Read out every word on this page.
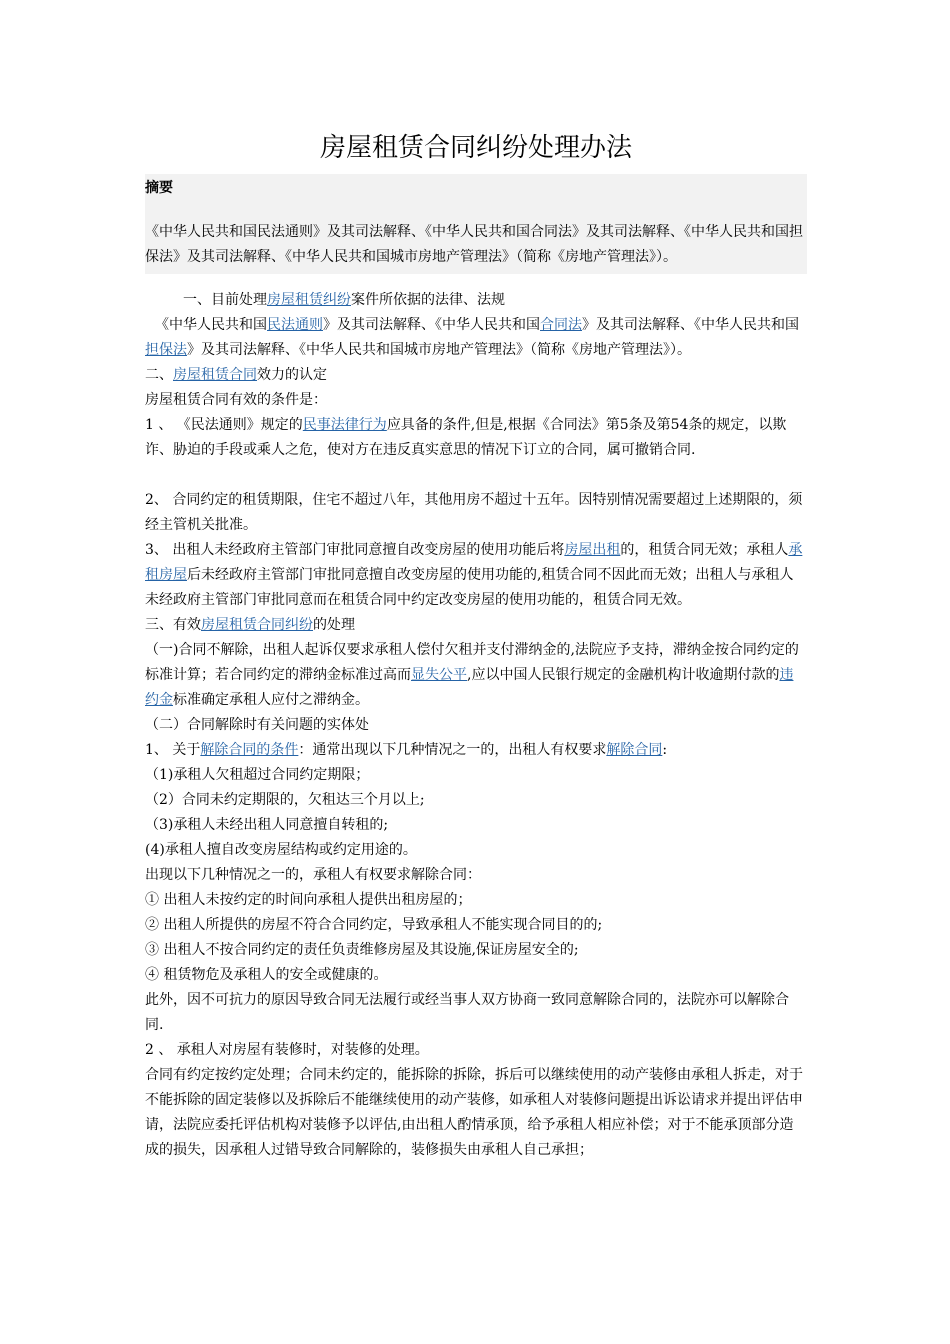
房屋租赁合同纠纷处理办法
摘要
《中华人民共和国民法通则》及其司法解释、《中华人民共和国合同法》及其司法解释、《中华人民共和国担保法》及其司法解释、《中华人民共和国城市房地产管理法》（简称《房地产管理法》）。

一、目前处理房屋租赁纠纷案件所依据的法律、法规

《中华人民共和国民法通则》及其司法解释、《中华人民共和国合同法》及其司法解释、《中华人民共和国担保法》及其司法解释、《中华人民共和国城市房地产管理法》（简称《房地产管理法》）。

二、房屋租赁合同效力的认定

房屋租赁合同有效的条件是：

1 、 《民法通则》规定的民事法律行为应具备的条件,但是,根据《合同法》第5条及第54条的规定，以欺诈、胁迫的手段或乘人之危，使对方在违反真实意思的情况下订立的合同，属可撤销合同.

2、 合同约定的租赁期限，住宅不超过八年，其他用房不超过十五年。因特别情况需要超过上述期限的，须经主管机关批准。

3、 出租人未经政府主管部门审批同意擅自改变房屋的使用功能后将房屋出租的，租赁合同无效；承租人承租房屋后未经政府主管部门审批同意擅自改变房屋的使用功能的,租赁合同不因此而无效；出租人与承租人未经政府主管部门审批同意而在租赁合同中约定改变房屋的使用功能的，租赁合同无效。

三、有效房屋租赁合同纠纷的处理

（一)合同不解除，出租人起诉仅要求承租人偿付欠租并支付滞纳金的,法院应予支持，滞纳金按合同约定的标准计算；若合同约定的滞纳金标准过高而显失公平,应以中国人民银行规定的金融机构计收逾期付款的违约金标准确定承租人应付之滞纳金。

（二）合同解除时有关问题的实体处

1、 关于解除合同的条件：通常出现以下几种情况之一的，出租人有权要求解除合同:

（1)承租人欠租超过合同约定期限；

（2）合同未约定期限的，欠租达三个月以上;

（3)承租人未经出租人同意擅自转租的;

(4)承租人擅自改变房屋结构或约定用途的。

出现以下几种情况之一的，承租人有权要求解除合同：

① 出租人未按约定的时间向承租人提供出租房屋的；

② 出租人所提供的房屋不符合合同约定，导致承租人不能实现合同目的的;

③ 出租人不按合同约定的责任负责维修房屋及其设施,保证房屋安全的;

④ 租赁物危及承租人的安全或健康的。

此外，因不可抗力的原因导致合同无法履行或经当事人双方协商一致同意解除合同的，法院亦可以解除合同.

2 、 承租人对房屋有装修时，对装修的处理。

合同有约定按约定处理；合同未约定的，能拆除的拆除，拆后可以继续使用的动产装修由承租人拆走，对于不能拆除的固定装修以及拆除后不能继续使用的动产装修，如承租人对装修问题提出诉讼请求并提出评估申请，法院应委托评估机构对装修予以评估,由出租人酌情承顶，给予承租人相应补偿；对于不能承顶部分造成的损失，因承租人过错导致合同解除的，装修损失由承租人自己承担；
